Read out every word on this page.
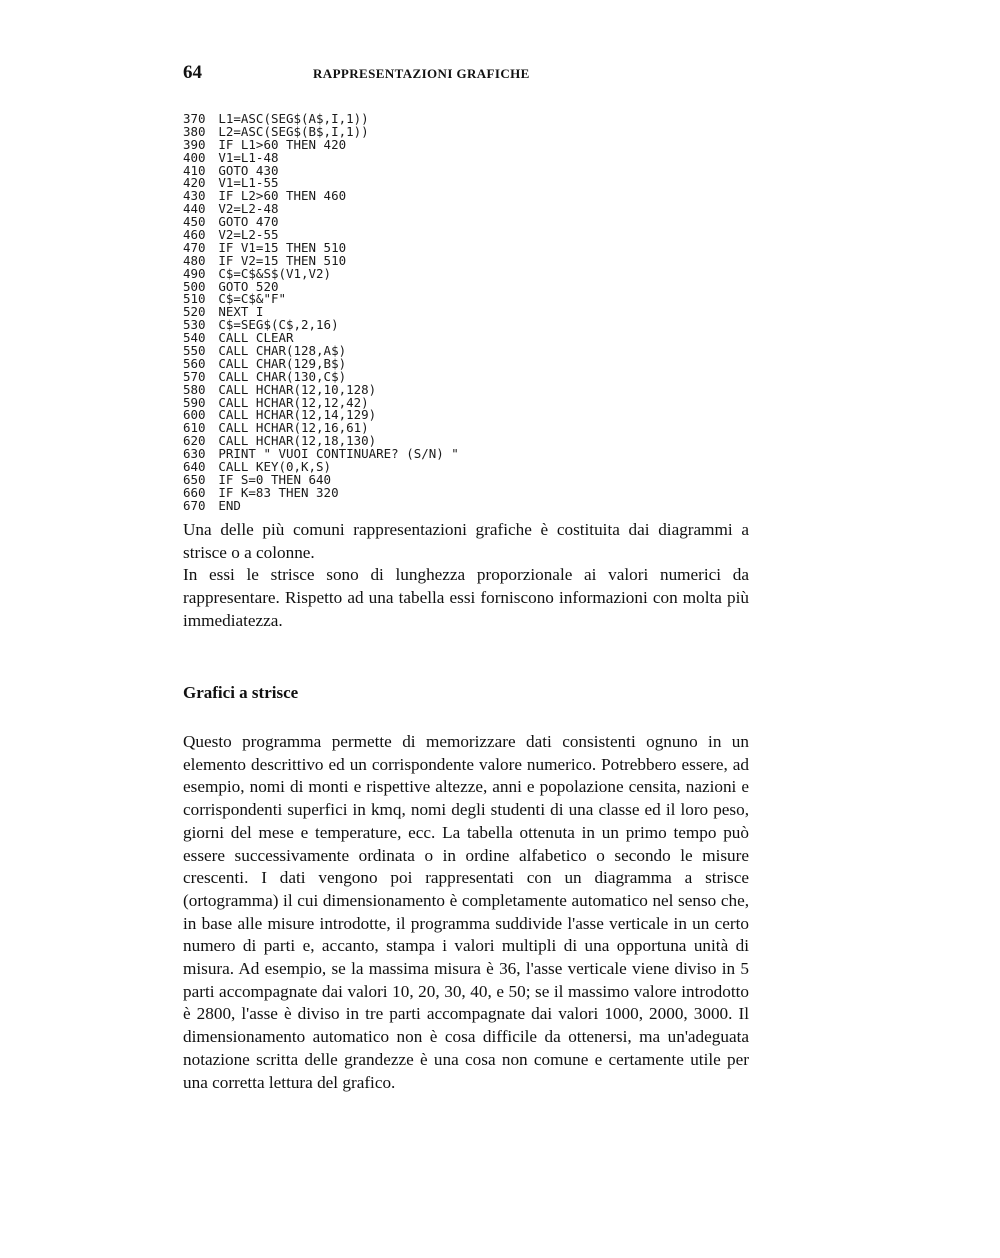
64	RAPPRESENTAZIONI GRAFICHE
370 L1=ASC(SEG$(A$,I,1))
380 L2=ASC(SEG$(B$,I,1))
390 IF L1>60 THEN 420
400 V1=L1-48
410 GOTO 430
420 V1=L1-55
430 IF L2>60 THEN 460
440 V2=L2-48
450 GOTO 470
460 V2=L2-55
470 IF V1=15 THEN 510
480 IF V2=15 THEN 510
490 C$=C$&S$(V1,V2)
500 GOTO 520
510 C$=C$&"F"
520 NEXT I
530 C$=SEG$(C$,2,16)
540 CALL CLEAR
550 CALL CHAR(128,A$)
560 CALL CHAR(129,B$)
570 CALL CHAR(130,C$)
580 CALL HCHAR(12,10,128)
590 CALL HCHAR(12,12,42)
600 CALL HCHAR(12,14,129)
610 CALL HCHAR(12,16,61)
620 CALL HCHAR(12,18,130)
630 PRINT " VUOI CONTINUARE? (S/N) "
640 CALL KEY(0,K,S)
650 IF S=0 THEN 640
660 IF K=83 THEN 320
670 END

Una delle più comuni rappresentazioni grafiche è costituita dai diagrammi a strisce o a colonne.

In essi le strisce sono di lunghezza proporzionale ai valori numerici da rappresentare. Rispetto ad una tabella essi forniscono informazioni con molta più immediatezza.

Grafici a strisce

Questo programma permette di memorizzare dati consistenti ognuno in un elemento descrittivo ed un corrispondente valore numerico. Potrebbero essere, ad esempio, nomi di monti e rispettive altezze, anni e popolazione censita, nazioni e corrispondenti superfici in kmq, nomi degli studenti di una classe ed il loro peso, giorni del mese e temperature, ecc. La tabella ottenuta in un primo tempo può essere successivamente ordinata o in ordine alfabetico o secondo le misure crescenti. I dati vengono poi rappresentati con un diagramma a strisce (ortogramma) il cui dimensionamento è completamente automatico nel senso che, in base alle misure introdotte, il programma suddivide l'asse verticale in un certo numero di parti e, accanto, stampa i valori multipli di una opportuna unità di misura. Ad esempio, se la massima misura è 36, l'asse verticale viene diviso in 5 parti accompagnate dai valori 10, 20, 30, 40, e 50; se il massimo valore introdotto è 2800, l'asse è diviso in tre parti accompagnate dai valori 1000, 2000, 3000. Il dimensionamento automatico non è cosa difficile da ottenersi, ma un'adeguata notazione scritta delle grandezze è una cosa non comune e certamente utile per una corretta lettura del grafico.
